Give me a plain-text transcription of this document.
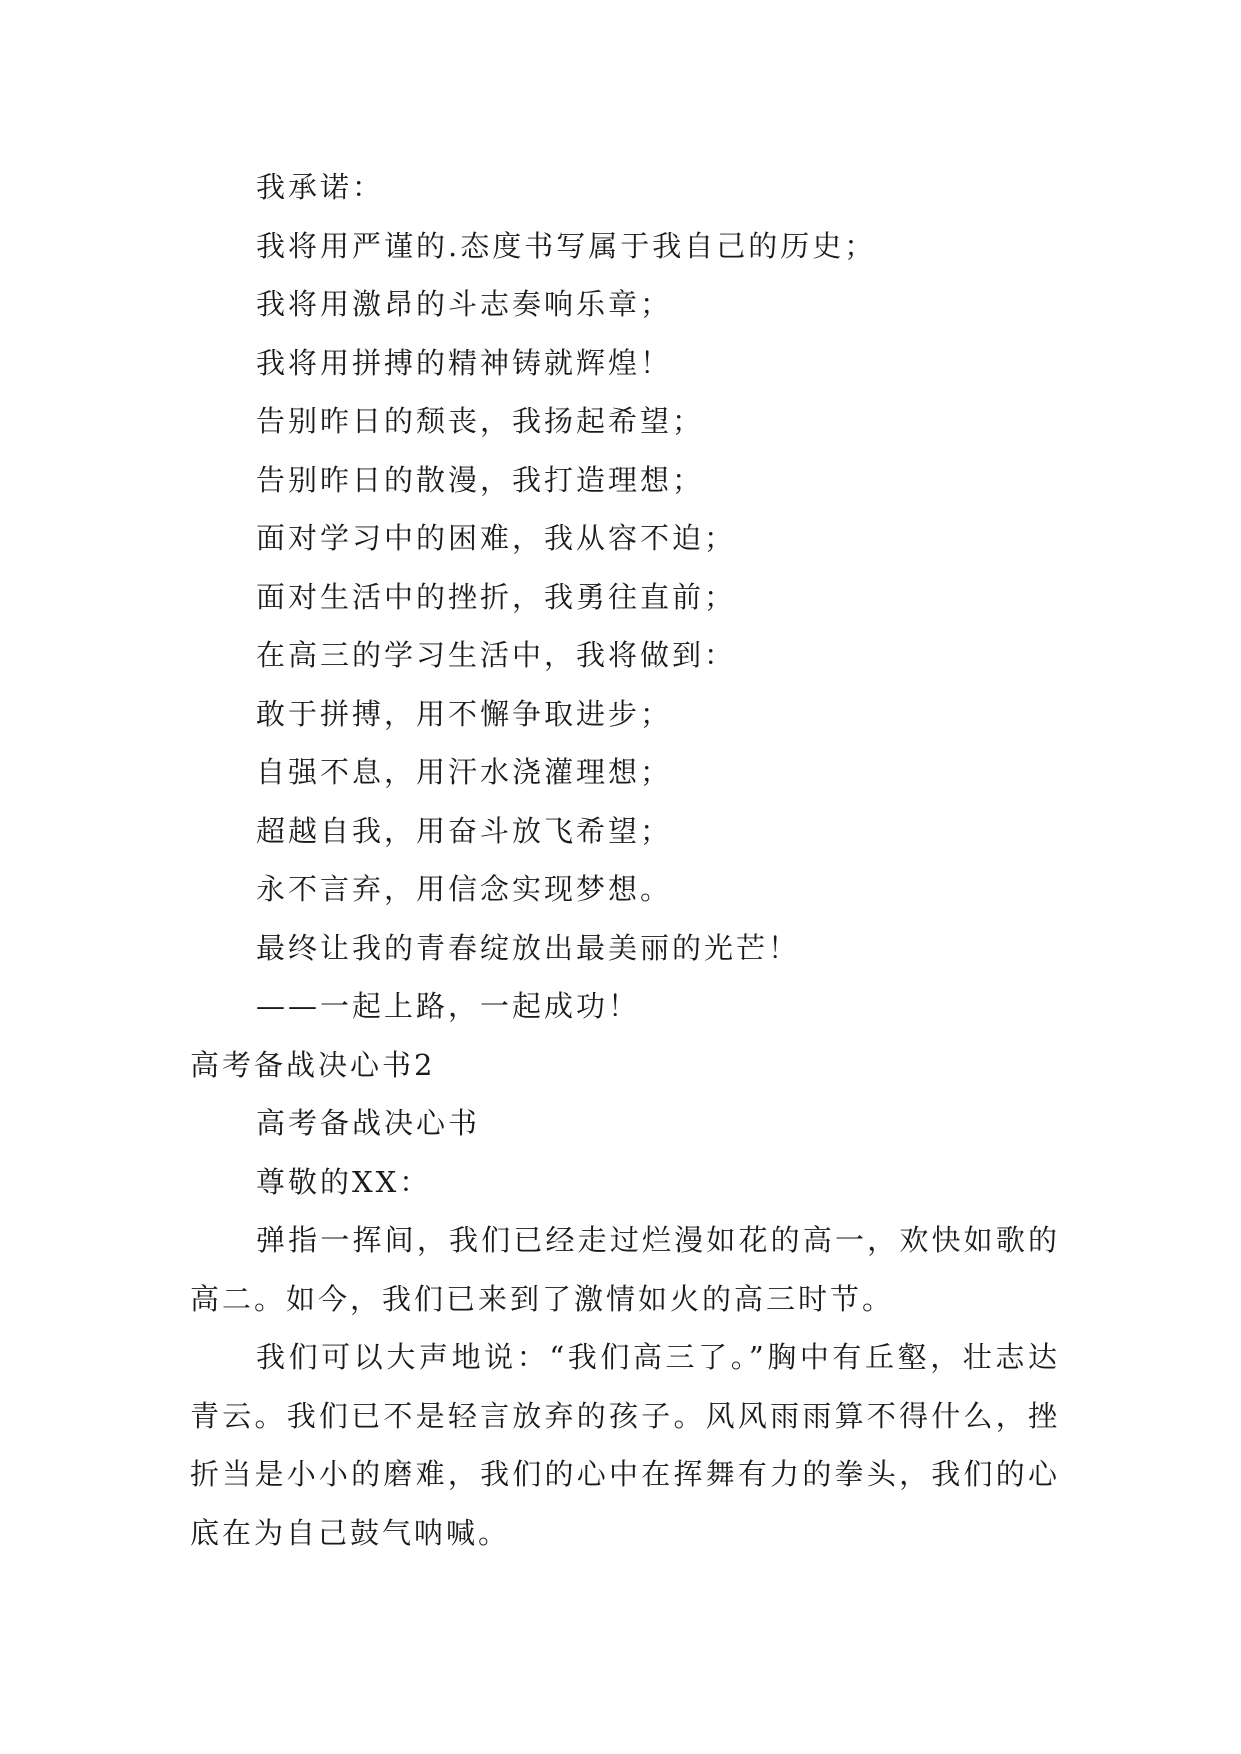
我承诺：
我将用严谨的.态度书写属于我自己的历史；
我将用激昂的斗志奏响乐章；
我将用拼搏的精神铸就辉煌！
告别昨日的颓丧，我扬起希望；
告别昨日的散漫，我打造理想；
面对学习中的困难，我从容不迫；
面对生活中的挫折，我勇往直前；
在高三的学习生活中，我将做到：
敢于拼搏，用不懈争取进步；
自强不息，用汗水浇灌理想；
超越自我，用奋斗放飞希望；
永不言弃，用信念实现梦想。
最终让我的青春绽放出最美丽的光芒！
——一起上路，一起成功！
高考备战决心书2
高考备战决心书
尊敬的XX：

弹指一挥间，我们已经走过烂漫如花的高一，欢快如歌的高二。如今，我们已来到了激情如火的高三时节。

我们可以大声地说：“我们高三了。”胸中有丘壑，壮志达青云。我们已不是轻言放弃的孩子。风风雨雨算不得什么，挫折当是小小的磨难，我们的心中在挥舞有力的拳头，我们的心底在为自己鼓气呐喊。
